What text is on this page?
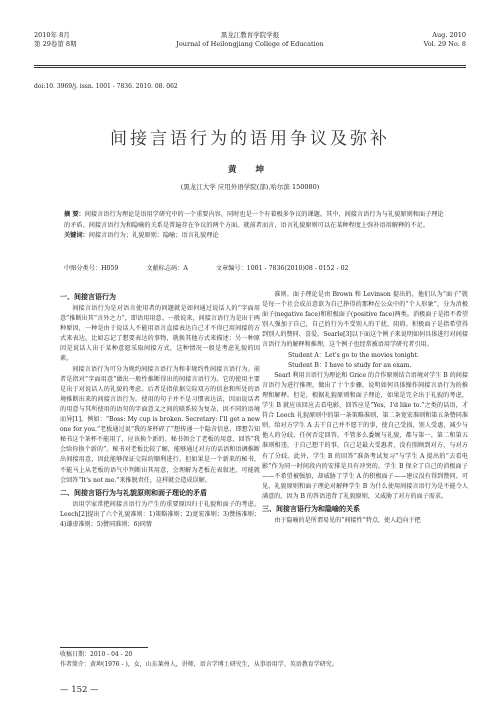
2010年 8月
第 29卷第 8期
黑龙江教育学院学报
Journal of Heilongjiang College of Education
Aug. 2010
Vol. 29 No. 8
doi:10. 3969/j. issn. 1001 - 7836. 2010. 08. 062
间接言语行为的语用争议及弥补
黄 坤
(黑龙江大学 应用外语学院(部),哈尔滨 150080)
摘 要：间接言语行为理论是语用学研究中的一个重要内容，同时也是一个有着极多争议的课题。其中，间接言语行为与礼貌原则和面子理论的矛盾、间接言语行为和隐喻的关系是普遍存在争议的两个方面。就前者而言，语言礼貌原则可以在某种程度上弥补语用解释的不足。
关键词：间接言语行为；礼貌原则；隐喻；语言礼貌理论
中图分类号：H059	文献标志码：A	文章编号：1001 - 7836(2010)08 - 0152 - 02
一、间接言语行为

间接言语行为是对语言使用者的问题就是如何通过说话人的“字面用意”推断出其“言外之力”，即语用用意。一般说来，间接言语行为是出于两种原因，一种是由于说话人不能用语言直接表达自己才不得已用间接的方式来表达，比如忘记了想要表达的事物，就换其他方式来描述；另一种原因是说话人出于某种意愿采取间接方式，这种情况一般是考虑礼貌的因素。

间接言语行为可分为规约间接言语行为和非规约性间接言语行为。前者是指对“字面用意”做出一般性推断得出的间接言语行为。它的使用主要是出于对说话人的礼貌的考虑。后者是指依据交际双方的信息和所处的语境推断出来的间接言语行为。使用的句子并不是习惯表达法，因而说话者的用意与其所使用的语句的字面意义之间的联系较为复杂，因不同的语境而异[1]。例如：“Boss: My cup is broken. Secretary: I'll get a new one for you.”老板通过说“我的茶杯碎了”想传递一个隐含信息，即想告知秘书这个茶杯不能用了，应该换个新的。秘书领会了老板的用意，回答“我会给你换个新的”。秘书对老板比较了解，能够通过对方的话语和语调推断出间接用意，因此能够保证交际的顺利进行。但如果是一个新来的秘书，不能马上从老板的语气中判断出其用意，会理解为老板在表叙述，可能就会回答“It's not me.”来推脱责任，这样就会造成误解。

二、间接言语行为与礼貌原则和面子理论的矛盾

语用学家常把间接言语行为产生的重要原因归于礼貌和面子的考虑。Leech[2]提出了六个礼貌准则：1)策略准则；2)宽宏准则；3)赞扬准则；4)谦虚准则；5)赞同准则；6)同情

准则。面子理论是由 Brown 和 Levinson 提出的，他们认为“面子”就是每一个社会成员意欲为自己挣得的那种在公众中的“个人形象”，分为消极面子(negative face)和积极面子(positive face)两类。消极面子是指不希望别人强加于自己，自己的行为不受别人的干扰、阻碍。积极面子是指希望得到别人的赞同、喜爱。Searle[3]以下面这个例子来说明如何具体进行对间接言语行为的解释和推理，这个例子也经常被语用学研究者引用。

Student A：Let's go to the movies tonight.

Student B：I have to study for an exam.

Searl 利用言语行为理论和 Grice 的合作原则结合语境对学生 B 的间接言语行为进行推理，做出了十个步骤，说明如何具体操作间接言语行为的推理和解释。但是，根据礼貌原则和面子理论，如果是完全出于礼貌的考虑，学生 B 就应该回应去看电影，回答应是“Yes，I'd like to.”之类的话语，才符合 Leech 礼貌原则中的第一条策略准则、第二条宽宏准则和第五条赞同准则，给对方学生 A 去干自己并不愿干的事，使自己受损，别人受惠，减少与他人的分歧，任何否定回答，不管多么委婉与礼貌，都与第一、第二和第五准则相违，于自己想干的事，自己是最大受惠者，没有照顾到对方，与对方有了分歧。此外，学生 B 的回答“准备考试复习”与学生 A 提出的“去看电影”作为同一时间段内的安排是具有冲突的，学生 B 保全了自己的消极面子——不希望被强加，却威胁了学生 A 的积极面子——建议没有得到赞同。可见，礼貌原则和面子理论对解释学生 B 为什么使用间接言语行为是不能令人满意的，因为 B 的答语违背了礼貌原则，又威胁了对方的面子需求。

三、间接言语行为和隐喻的关系

由于隐喻的是所谓易见的“间接性”特点，使人趋向于把

收稿日期：2010 - 04 - 20
作者简介：黄坤(1976 - )，女，山东莱州人，讲师，语言学博士研究生，从事语用学、英语教育学研究。
— 152 —
